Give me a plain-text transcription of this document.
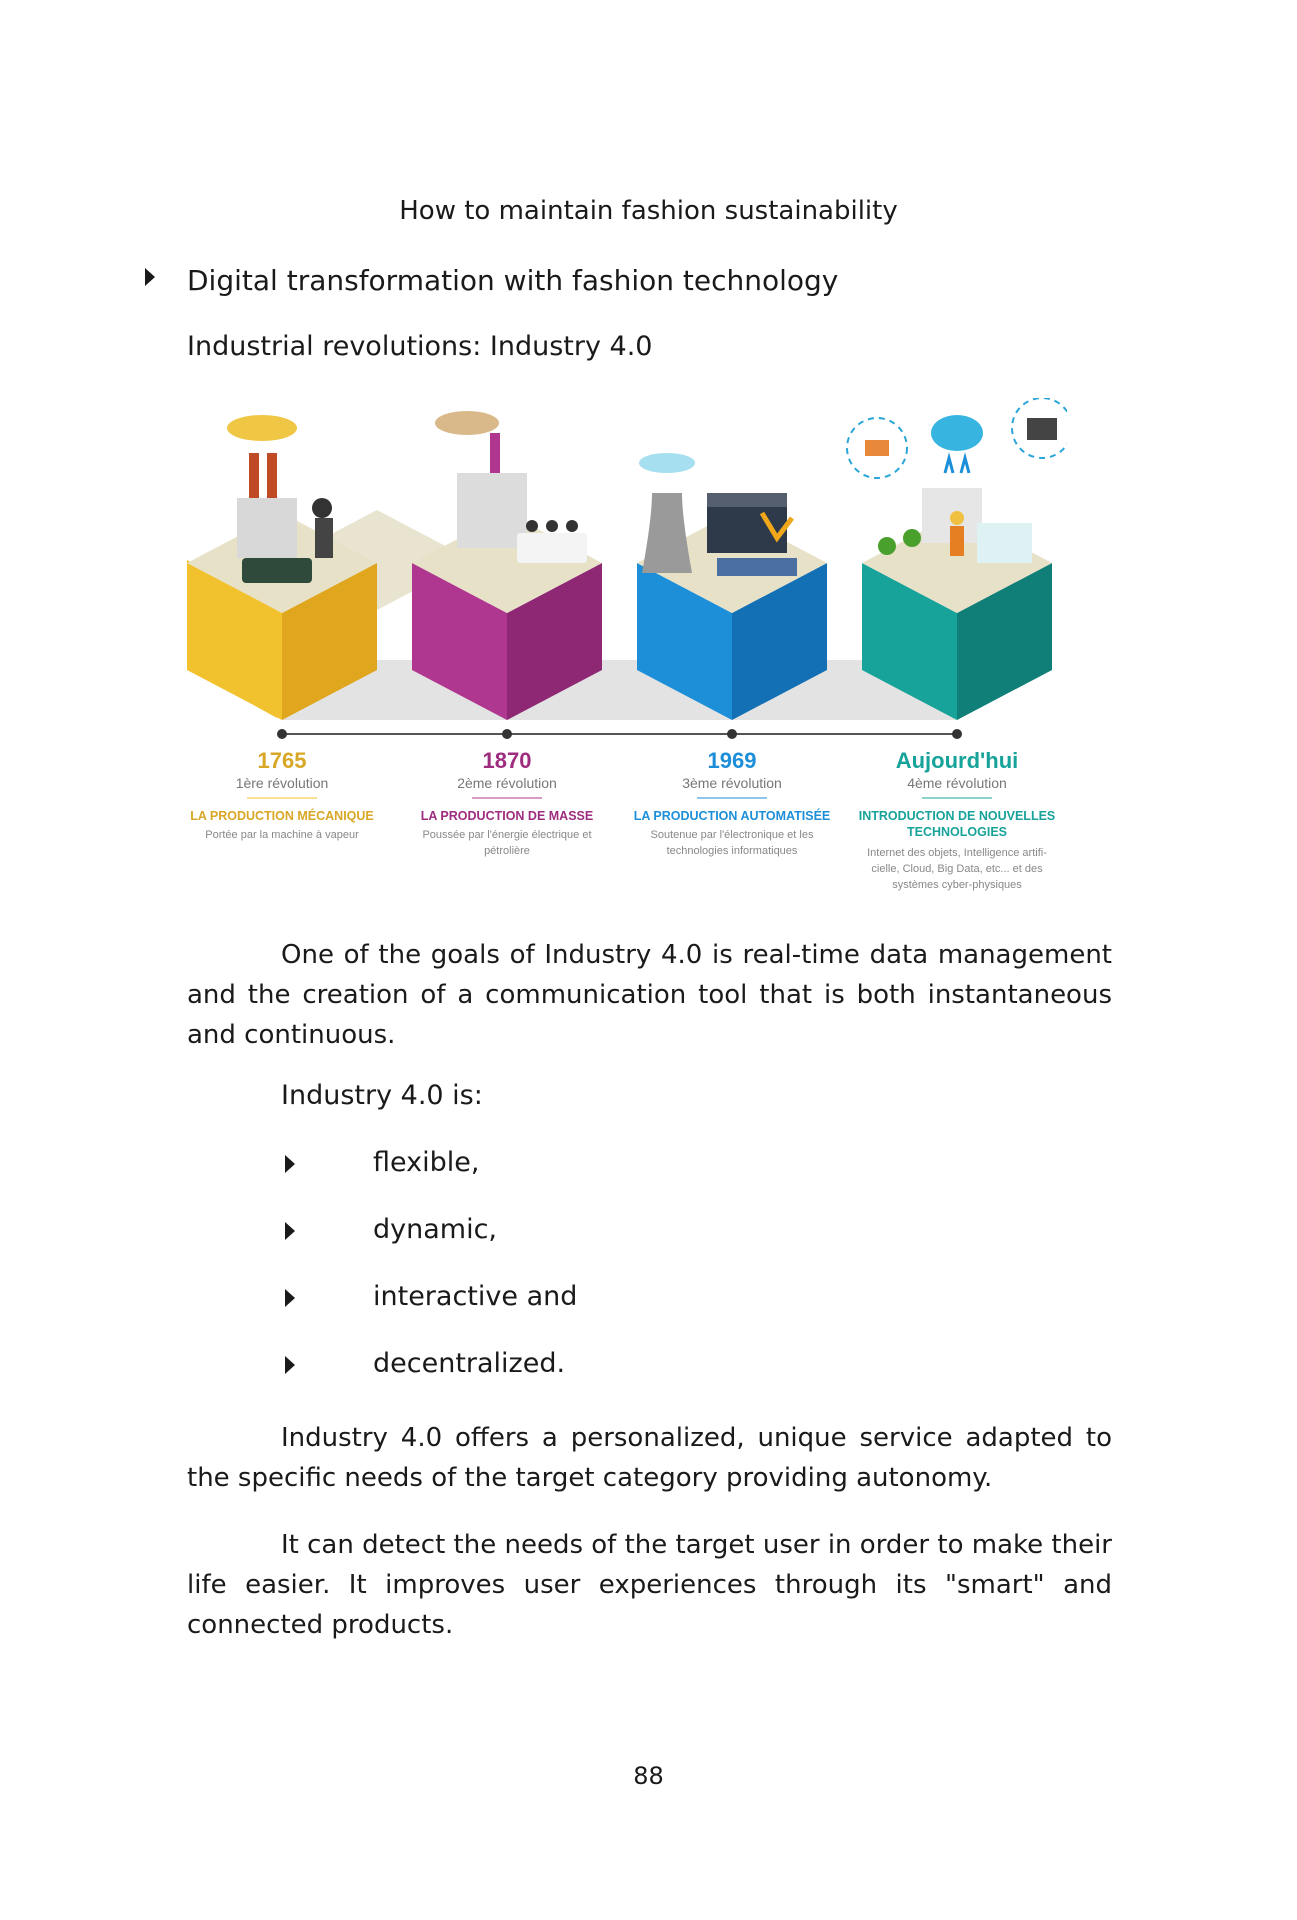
How to maintain fashion sustainability
Digital transformation with fashion technology
Industrial revolutions: Industry 4.0
1765
1ère révolution
LA PRODUCTION MÉCANIQUE
Portée par la machine à vapeur
1870
2ème révolution
LA PRODUCTION DE MASSE
Poussée par l'énergie électrique et
pétrolière
1969
3ème révolution
LA PRODUCTION AUTOMATISÉE
Soutenue par l'électronique et les
technologies informatiques
Aujourd'hui
4ème révolution
INTRODUCTION DE NOUVELLES
TECHNOLOGIES
Internet des objets, Intelligence artifi-
cielle, Cloud, Big Data, etc... et des
systèmes cyber-physiques
One of the goals of Industry 4.0 is real-time data management and the creation of a communication tool that is both instantaneous and continuous.
Industry 4.0 is:
flexible,
dynamic,
interactive and
decentralized.
Industry 4.0 offers a personalized, unique service adapted to the specific needs of the target category providing autonomy.
It can detect the needs of the target user in order to make their life easier. It improves user experiences through its "smart" and connected products.
88
